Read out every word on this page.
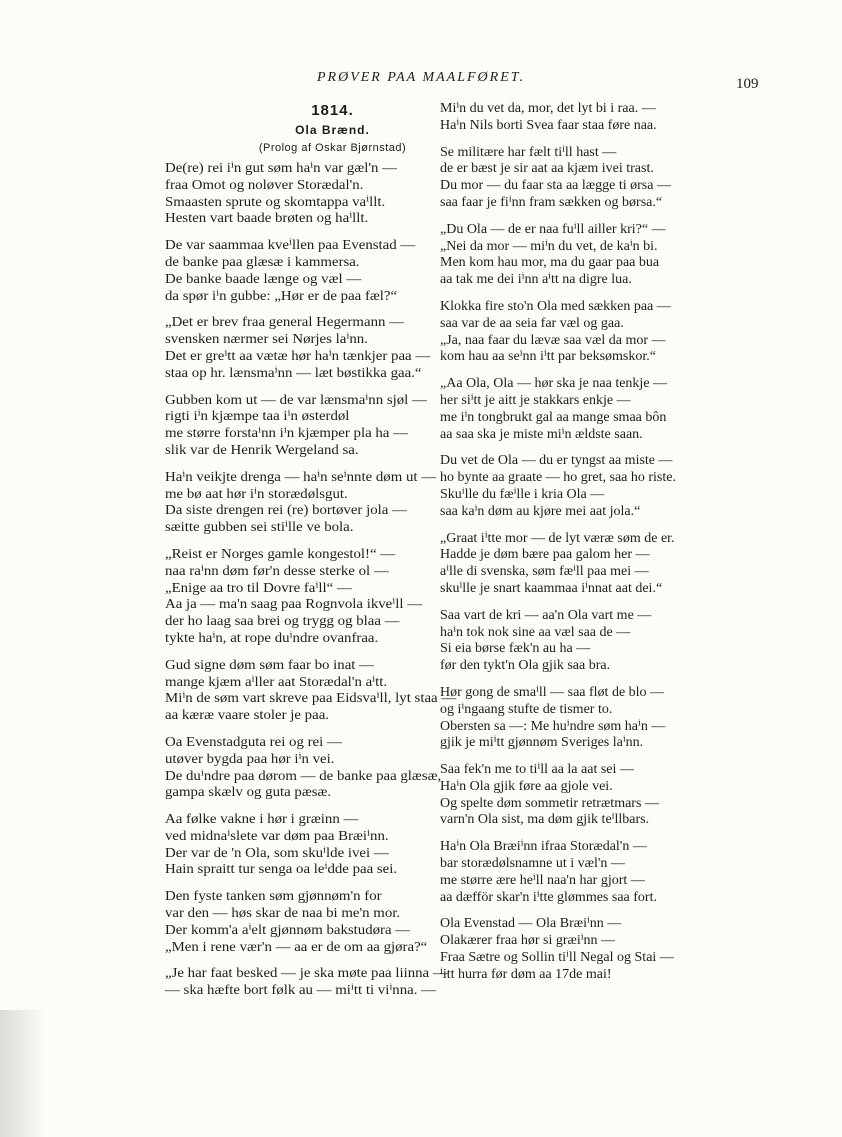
PRØVER PAA MAALFØRET.	109
1814.
Ola Brænd.
(Prolog af Oskar Bjørnstad)
De(re) rei iⁱn gut søm haⁱn var gæl'n —
fraa Omot og noløver Storædal'n.
Smaasten sprute og skomtappa vaⁱllt.
Hesten vart baade brøten og haⁱllt.
De var saammaa kveⁱllen paa Evenstad —
de banke paa glæsæ i kammersa.
De banke baade længe og væl —
da spør iⁱn gubbe: „Hør er de paa fæl?“
„Det er brev fraa general Hegermann —
svensken nærmer sei Nørjes laⁱnn.
Det er greⁱtt aa vætæ hør haⁱn tænkjer paa —
staa op hr. lænsmaⁱnn — læt bøstikka gaa.“
Gubben kom ut — de var lænsmaⁱnn sjøl —
rigti iⁱn kjæmpe taa iⁱn østerdøl
me større forstaⁱnn iⁱn kjæmper pla ha —
slik var de Henrik Wergeland sa.
Haⁱn veikjte drenga — haⁱn seⁱnnte døm ut —
me bø aat hør iⁱn storædølsgut.
Da siste drengen rei (re) bortøver jola —
sæitte gubben sei stiⁱlle ve bola.
„Reist er Norges gamle kongestol!“ —
naa raⁱnn døm før'n desse sterke ol —
„Enige aa tro til Dovre faⁱll“ —
Aa ja — ma'n saag paa Rognvola ikveⁱll —
der ho laag saa brei og trygg og blaa —
tykte haⁱn, at rope duⁱndre ovanfraa.
Gud signe døm søm faar bo inat —
mange kjæm aⁱller aat Storædal'n aⁱtt.
Miⁱn de søm vart skreve paa Eidsvaⁱll, lyt staa —
aa kæræ vaare stoler je paa.
Oa Evenstadguta rei og rei —
utøver bygda paa hør iⁱn vei.
De duⁱndre paa dørom — de banke paa glæsæ,
gampa skælv og guta pæsæ.
Aa følke vakne i hør i græinn —
ved midnaⁱslete var døm paa Bræiⁱnn.
Der var de 'n Ola, som skuⁱlde ivei —
Hain spraitt tur senga oa leⁱdde paa sei.
Den fyste tanken søm gjønnøm'n for
var den — høs skar de naa bi me'n mor.
Der komm'a aⁱelt gjønnøm bakstudøra —
„Men i rene vær'n — aa er de om aa gjøra?“
„Je har faat besked — je ska møte paa liinna —
— ska hæfte bort følk au — miⁱtt ti viⁱnna. —
Miⁱn du vet da, mor, det lyt bi i raa. —
Haⁱn Nils borti Svea faar staa føre naa.
Se militære har fælt tiⁱll hast —
de er bæst je sir aat aa kjæm ivei trast.
Du mor — du faar sta aa lægge ti ørsa —
saa faar je fiⁱnn fram sækken og børsa.“
„Du Ola — de er naa fuⁱll ailler kri?“ —
„Nei da mor — miⁱn du vet, de kaⁱn bi.
Men kom hau mor, ma du gaar paa bua
aa tak me dei iⁱnn aⁱtt na digre lua.
Klokka fire sto'n Ola med sækken paa —
saa var de aa seia far væl og gaa.
„Ja, naa faar du lævæ saa væl da mor —
kom hau aa seⁱnn iⁱtt par beksømskor.“
„Aa Ola, Ola — hør ska je naa tenkje —
her siⁱtt je aitt je stakkars enkje —
me iⁱn tongbrukt gal aa mange smaa bôn
aa saa ska je miste miⁱn ældste saan.
Du vet de Ola — du er tyngst aa miste —
ho bynte aa graate — ho gret, saa ho riste.
Skuⁱlle du fæⁱlle i kria Ola —
saa kaⁱn døm au kjøre mei aat jola.“
„Graat iⁱtte mor — de lyt væræ søm de er.
Hadde je døm bære paa galom her —
aⁱlle di svenska, søm fæⁱll paa mei —
skuⁱlle je snart kaammaa iⁱnnat aat dei.“
Saa vart de kri — aa'n Ola vart me —
haⁱn tok nok sine aa væl saa de —
Si eia børse fæk'n au ha —
før den tykt'n Ola gjik saa bra.
Hør gong de smaⁱll — saa fløt de blo —
og iⁱngaang stufte de tismer to.
Obersten sa —: Me huⁱndre søm haⁱn —
gjik je miⁱtt gjønnøm Sveriges laⁱnn.
Saa fek'n me to tiⁱll aa la aat sei —
Haⁱn Ola gjik føre aa gjole vei.
Og spelte døm sommetir retrætmars —
varn'n Ola sist, ma døm gjik teⁱllbars.
Haⁱn Ola Bræiⁱnn ifraa Storædal'n —
bar storædølsnamne ut i væl'n —
me større ære heⁱll naa'n har gjort —
aa dæfför skar'n iⁱtte glømmes saa fort.
Ola Evenstad — Ola Bræiⁱnn —
Olakærer fraa hør si græiⁱnn —
Fraa Sætre og Sollin tiⁱll Negal og Stai —
ⁱitt hurra før døm aa 17de mai!
